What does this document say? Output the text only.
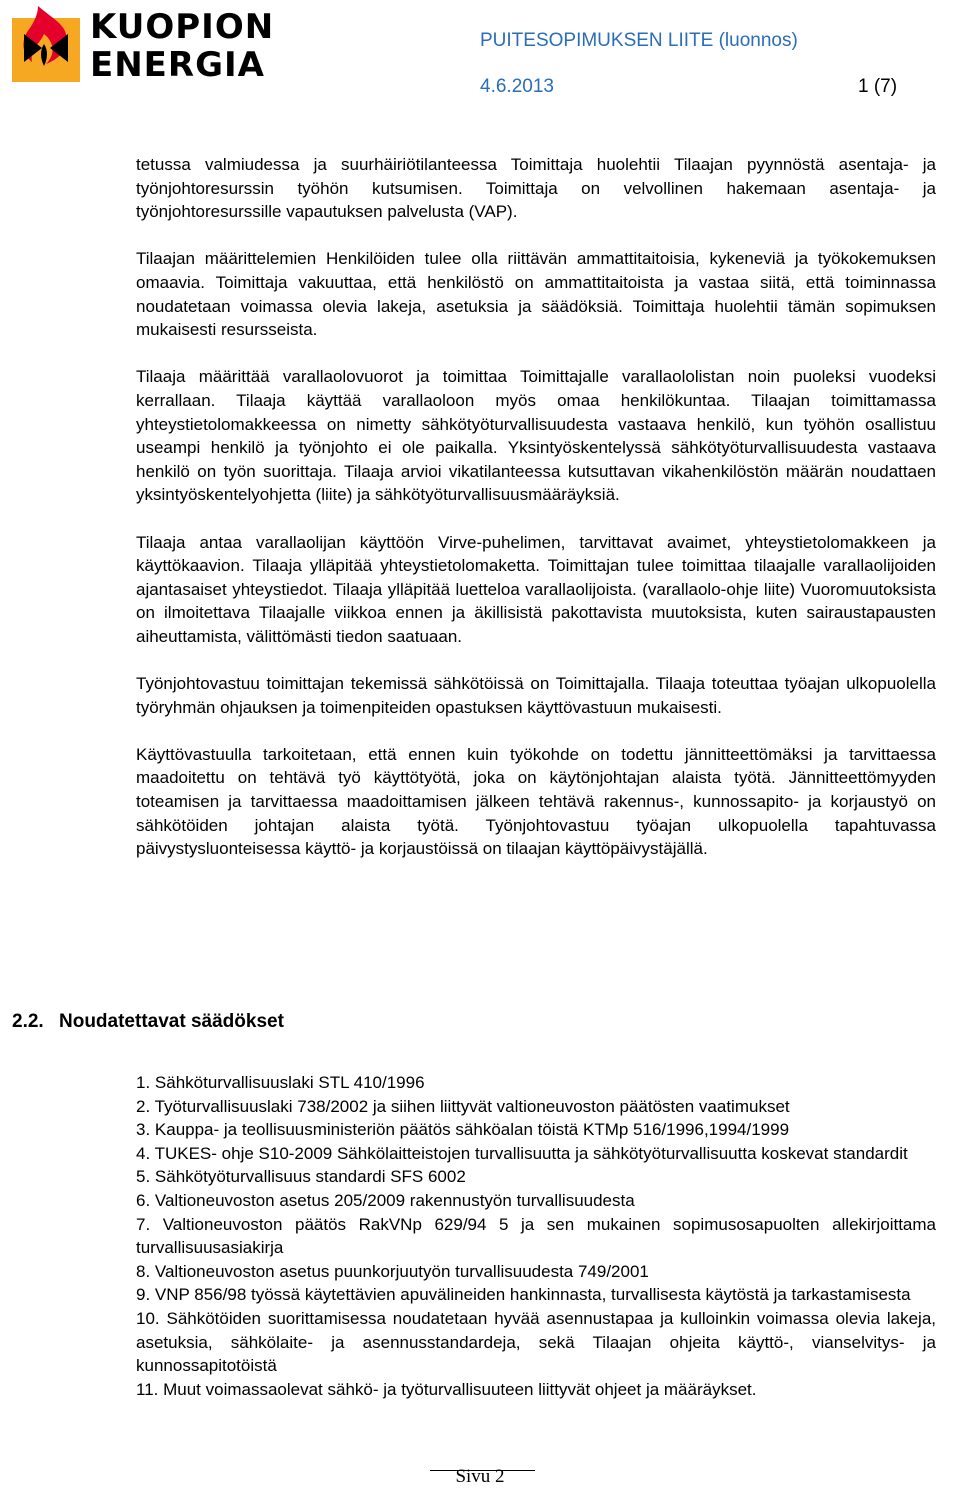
KUOPION
ENERGIA
PUITESOPIMUKSEN LIITE (luonnos)
4.6.2013	1 (7)

tetussa valmiudessa ja suurhäiriötilanteessa Toimittaja huolehtii Tilaajan pyynnöstä asentaja- ja työnjohtoresurssin työhön kutsumisen. Toimittaja on velvollinen hakemaan asentaja- ja työnjohtoresurssille vapautuksen palvelusta (VAP).

Tilaajan määrittelemien Henkilöiden tulee olla riittävän ammattitaitoisia, kykeneviä ja työkokemuksen omaavia. Toimittaja vakuuttaa, että henkilöstö on ammattitaitoista ja vastaa siitä, että toiminnassa noudatetaan voimassa olevia lakeja, asetuksia ja säädöksiä. Toimittaja huolehtii tämän sopimuksen mukaisesti resursseista.

Tilaaja määrittää varallaolovuorot ja toimittaa Toimittajalle varallaololistan noin puoleksi vuodeksi kerrallaan. Tilaaja käyttää varallaoloon myös omaa henkilökuntaa. Tilaajan toimittamassa yhteystietolomakkeessa on nimetty sähkötyöturvallisuudesta vastaava henkilö, kun työhön osallistuu useampi henkilö ja työnjohto ei ole paikalla. Yksintyöskentelyssä sähkötyöturvallisuudesta vastaava henkilö on työn suorittaja. Tilaaja arvioi vikatilanteessa kutsuttavan vikahenkilöstön määrän noudattaen yksintyöskentelyohjetta (liite) ja sähkötyöturvallisuusmääräyksiä.

Tilaaja antaa varallaolijan käyttöön Virve-puhelimen, tarvittavat avaimet, yhteystietolomakkeen ja käyttökaavion. Tilaaja ylläpitää yhteystietolomaketta. Toimittajan tulee toimittaa tilaajalle varallaolijoiden ajantasaiset yhteystiedot. Tilaaja ylläpitää luetteloa varallaolijoista. (varallaolo-ohje liite) Vuoromuutoksista on ilmoitettava Tilaajalle viikkoa ennen ja äkillisistä pakottavista muutoksista, kuten sairaustapausten aiheuttamista, välittömästi tiedon saatuaan.

Työnjohtovastuu toimittajan tekemissä sähkötöissä on Toimittajalla. Tilaaja toteuttaa työajan ulkopuolella työryhmän ohjauksen ja toimenpiteiden opastuksen käyttövastuun mukaisesti.

Käyttövastuulla tarkoitetaan, että ennen kuin työkohde on todettu jännitteettömäksi ja tarvittaessa maadoitettu on tehtävä työ käyttötyötä, joka on käytönjohtajan alaista työtä. Jännitteettömyyden toteamisen ja tarvittaessa maadoittamisen jälkeen tehtävä rakennus-, kunnossapito- ja korjaustyö on sähkötöiden johtajan alaista työtä. Työnjohtovastuu työajan ulkopuolella tapahtuvassa päivystysluonteisessa käyttö- ja korjaustöissä on tilaajan käyttöpäivystäjällä.

2.2. Noudatettavat säädökset
1. Sähköturvallisuuslaki STL 410/1996
2. Työturvallisuuslaki 738/2002 ja siihen liittyvät valtioneuvoston päätösten vaatimukset
3. Kauppa- ja teollisuusministeriön päätös sähköalan töistä KTMp 516/1996,1994/1999
4. TUKES- ohje S10-2009 Sähkölaitteistojen turvallisuutta ja sähkötyöturvallisuutta koskevat standardit
5. Sähkötyöturvallisuus standardi SFS 6002
6. Valtioneuvoston asetus 205/2009 rakennustyön turvallisuudesta
7. Valtioneuvoston päätös RakVNp 629/94 5 ja sen mukainen sopimusosapuolten allekirjoittama turvallisuusasiakirja
8. Valtioneuvoston asetus puunkorjuutyön turvallisuudesta 749/2001
9. VNP 856/98 työssä käytettävien apuvälineiden hankinnasta, turvallisesta käytöstä ja tarkastamisesta
10. Sähkötöiden suorittamisessa noudatetaan hyvää asennustapaa ja kulloinkin voimassa olevia lakeja, asetuksia, sähkölaite- ja asennusstandardeja, sekä Tilaajan ohjeita käyttö-, vianselvitys- ja kunnossapitotöistä
11. Muut voimassaolevat sähkö- ja työturvallisuuteen liittyvät ohjeet ja määräykset.
Sivu 2
